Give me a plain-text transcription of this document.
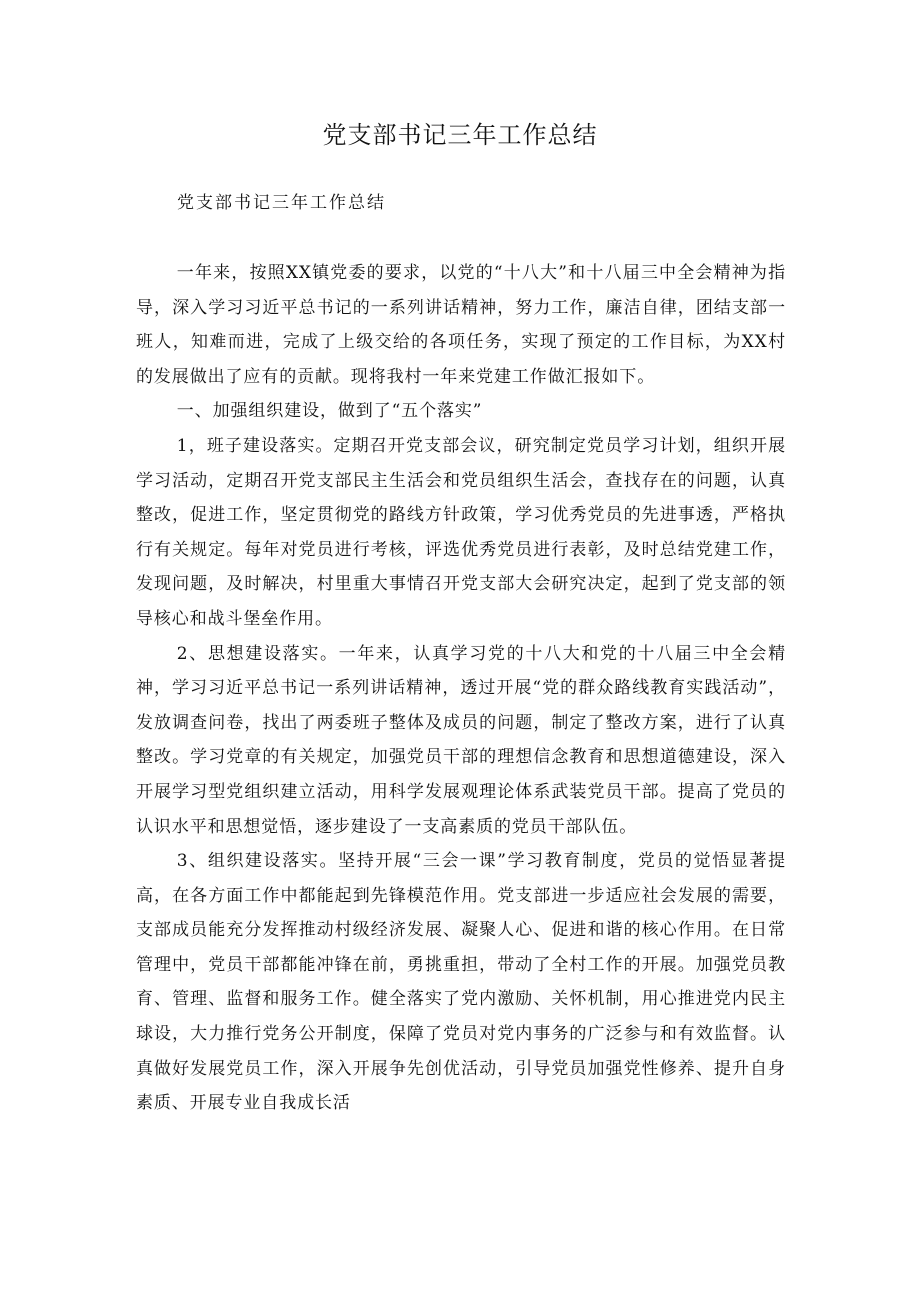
党支部书记三年工作总结

党支部书记三年工作总结

一年来，按照XX镇党委的要求，以党的“十八大”和十八届三中全会精神为指导，深入学习习近平总书记的一系列讲话精神，努力工作，廉洁自律，团结支部一班人，知难而进，完成了上级交给的各项任务，实现了预定的工作目标，为XX村的发展做出了应有的贡献。现将我村一年来党建工作做汇报如下。

一、加强组织建设，做到了“五个落实”

1，班子建设落实。定期召开党支部会议，研究制定党员学习计划，组织开展学习活动，定期召开党支部民主生活会和党员组织生活会，查找存在的问题，认真整改，促进工作，坚定贯彻党的路线方针政策，学习优秀党员的先进事透，严格执行有关规定。每年对党员进行考核，评选优秀党员进行表彰，及时总结党建工作，发现问题，及时解决，村里重大事情召开党支部大会研究决定，起到了党支部的领导核心和战斗堡垒作用。

2、思想建设落实。一年来，认真学习党的十八大和党的十八届三中全会精神，学习习近平总书记一系列讲话精神，透过开展“党的群众路线教育实践活动”，发放调查问卷，找出了两委班子整体及成员的问题，制定了整改方案，进行了认真整改。学习党章的有关规定，加强党员干部的理想信念教育和思想道德建设，深入开展学习型党组织建立活动，用科学发展观理论体系武装党员干部。提高了党员的认识水平和思想觉悟，逐步建设了一支高素质的党员干部队伍。

3、组织建设落实。坚持开展“三会一课”学习教育制度，党员的觉悟显著提高，在各方面工作中都能起到先锋模范作用。党支部进一步适应社会发展的需要，支部成员能充分发挥推动村级经济发展、凝聚人心、促进和谐的核心作用。在日常管理中，党员干部都能冲锋在前，勇挑重担，带动了全村工作的开展。加强党员教育、管理、监督和服务工作。健全落实了党内激励、关怀机制，用心推进党内民主球设，大力推行党务公开制度，保障了党员对党内事务的广泛参与和有效监督。认真做好发展党员工作，深入开展争先创优活动，引导党员加强党性修养、提升自身素质、开展专业自我成长活
